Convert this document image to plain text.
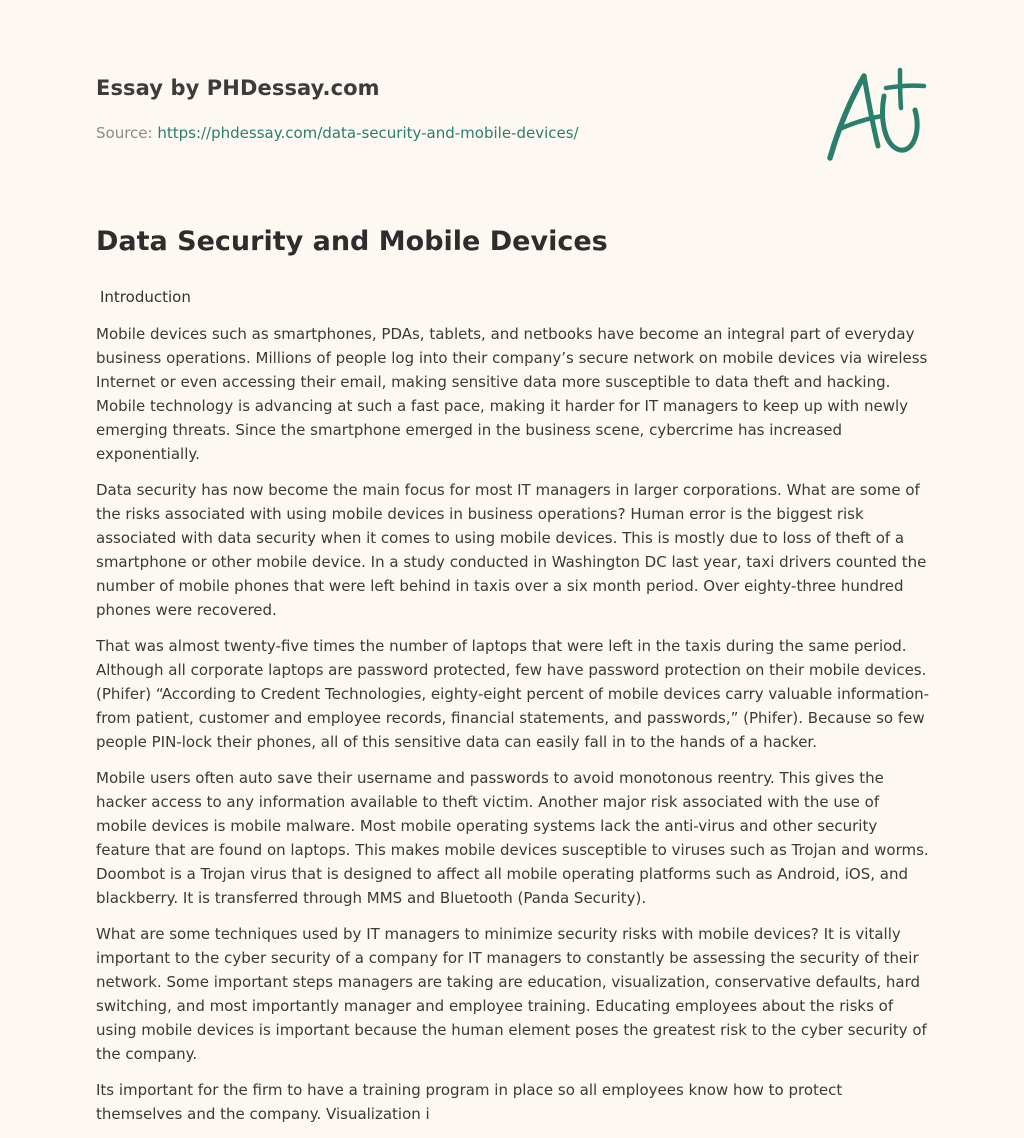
Essay by PHDessay.com
Source: https://phdessay.com/data-security-and-mobile-devices/
Data Security and Mobile Devices
Introduction

Mobile devices such as smartphones, PDAs, tablets, and netbooks have become an integral part of everyday business operations. Millions of people log into their company’s secure network on mobile devices via wireless Internet or even accessing their email, making sensitive data more susceptible to data theft and hacking. Mobile technology is advancing at such a fast pace, making it harder for IT managers to keep up with newly emerging threats. Since the smartphone emerged in the business scene, cybercrime has increased exponentially.

Data security has now become the main focus for most IT managers in larger corporations. What are some of the risks associated with using mobile devices in business operations? Human error is the biggest risk associated with data security when it comes to using mobile devices. This is mostly due to loss of theft of a smartphone or other mobile device. In a study conducted in Washington DC last year, taxi drivers counted the number of mobile phones that were left behind in taxis over a six month period. Over eighty-three hundred phones were recovered.

That was almost twenty-five times the number of laptops that were left in the taxis during the same period. Although all corporate laptops are password protected, few have password protection on their mobile devices. (Phifer) “According to Credent Technologies, eighty-eight percent of mobile devices carry valuable information- from patient, customer and employee records, financial statements, and passwords,” (Phifer). Because so few people PIN-lock their phones, all of this sensitive data can easily fall in to the hands of a hacker.

Mobile users often auto save their username and passwords to avoid monotonous reentry. This gives the hacker access to any information available to theft victim. Another major risk associated with the use of mobile devices is mobile malware. Most mobile operating systems lack the anti-virus and other security feature that are found on laptops. This makes mobile devices susceptible to viruses such as Trojan and worms. Doombot is a Trojan virus that is designed to affect all mobile operating platforms such as Android, iOS, and blackberry. It is transferred through MMS and Bluetooth (Panda Security).

What are some techniques used by IT managers to minimize security risks with mobile devices? It is vitally important to the cyber security of a company for IT managers to constantly be assessing the security of their network. Some important steps managers are taking are education, visualization, conservative defaults, hard switching, and most importantly manager and employee training. Educating employees about the risks of using mobile devices is important because the human element poses the greatest risk to the cyber security of the company.

Its important for the firm to have a training program in place so all employees know how to protect themselves and the company. Visualization i
